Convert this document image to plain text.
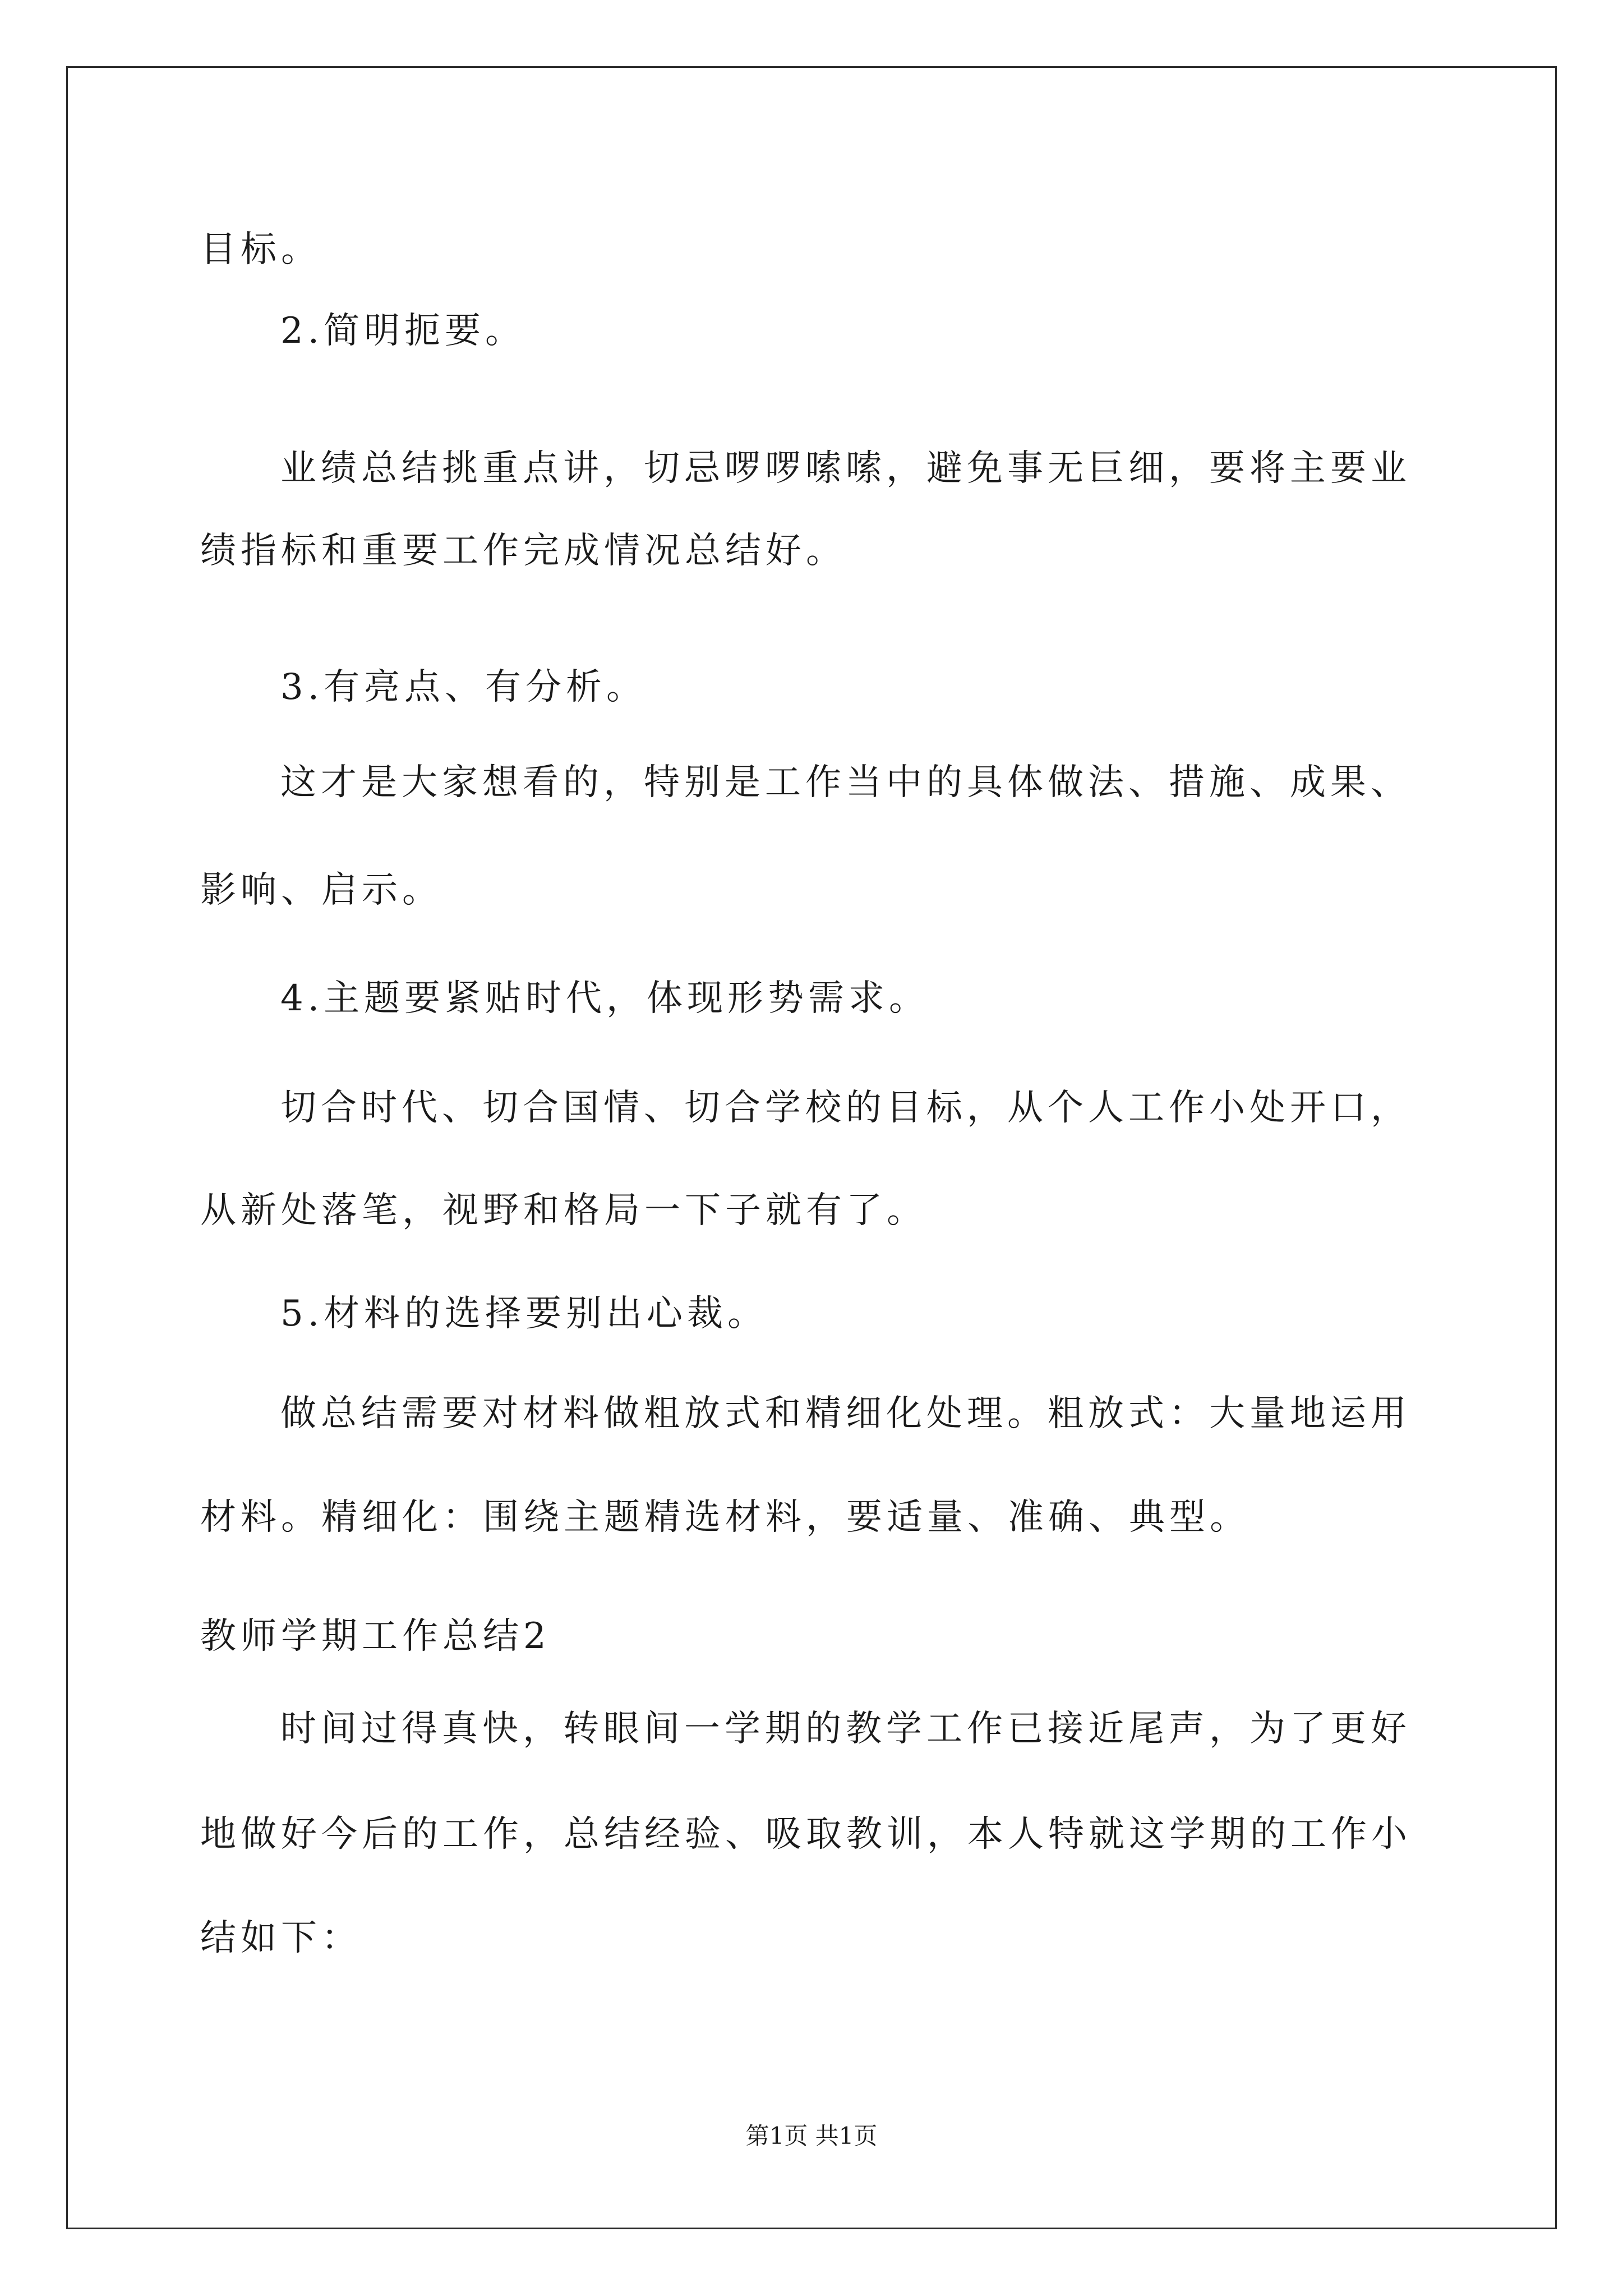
目标。
2.简明扼要。
业绩总结挑重点讲，切忌啰啰嗦嗦，避免事无巨细，要将主要业
绩指标和重要工作完成情况总结好。
3.有亮点、有分析。
这才是大家想看的，特别是工作当中的具体做法、措施、成果、
影响、启示。
4.主题要紧贴时代，体现形势需求。
切合时代、切合国情、切合学校的目标，从个人工作小处开口，
从新处落笔，视野和格局一下子就有了。
5.材料的选择要别出心裁。
做总结需要对材料做粗放式和精细化处理。粗放式：大量地运用
材料。精细化：围绕主题精选材料，要适量、准确、典型。
教师学期工作总结2
时间过得真快，转眼间一学期的教学工作已接近尾声，为了更好
地做好今后的工作，总结经验、吸取教训，本人特就这学期的工作小
结如下：
第1页 共1页
